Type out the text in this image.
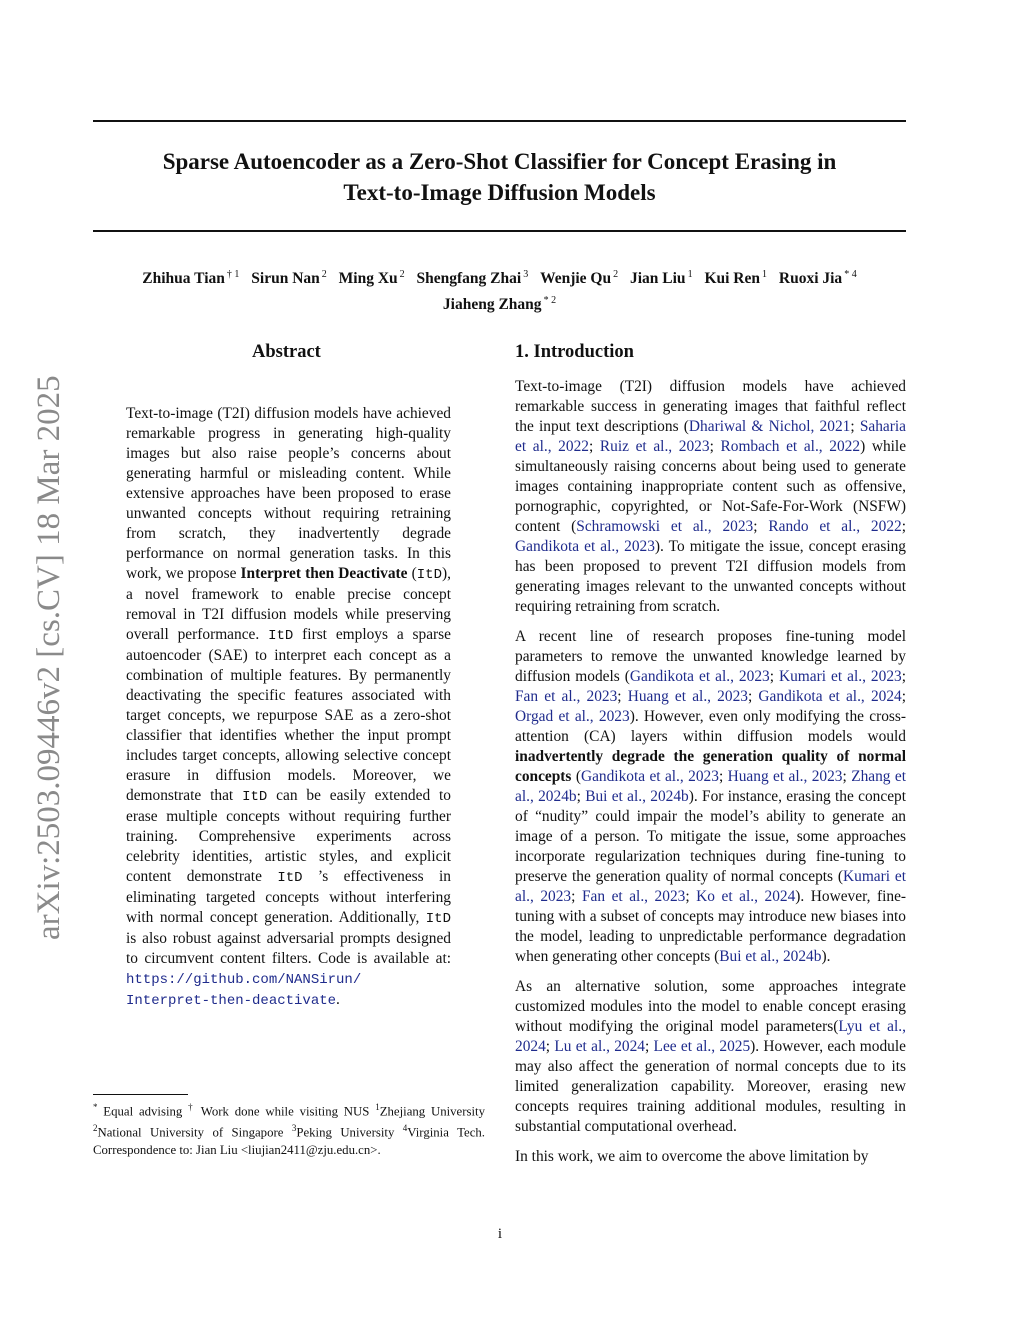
Sparse Autoencoder as a Zero-Shot Classifier for Concept Erasing in
Text-to-Image Diffusion Models
Zhihua Tian $^{\dagger 1}$ Sirun Nan $^2$ Ming Xu $^2$ Shengfang Zhai $^3$ Wenjie Qu $^2$ Jian Liu $^1$ Kui Ren $^1$ Ruoxi Jia $^{* 4}$
Jiaheng Zhang $^{* 2}$
arXiv:2503.09446v2 [cs.CV] 18 Mar 2025
Abstract
Text-to-image (T2I) diffusion models have achieved remarkable progress in generating high-quality images but also raise people’s concerns about generating harmful or misleading content. While extensive approaches have been proposed to erase unwanted concepts without requiring retraining from scratch, they inadvertently degrade performance on normal generation tasks. In this work, we propose Interpret then Deactivate (ItD), a novel framework to enable precise concept removal in T2I diffusion models while preserving overall performance. ItD first employs a sparse autoencoder (SAE) to interpret each concept as a combination of multiple features. By permanently deactivating the specific features associated with target concepts, we repurpose SAE as a zero-shot classifier that identifies whether the input prompt includes target concepts, allowing selective concept erasure in diffusion models. Moreover, we demonstrate that ItD can be easily extended to erase multiple concepts without requiring further training. Comprehensive experiments across celebrity identities, artistic styles, and explicit content demonstrate ItD ’s effectiveness in eliminating targeted concepts without interfering with normal concept generation. Additionally, ItD is also robust against adversarial prompts designed to circumvent content filters. Code is available at: https://github.com/NANSirun/
Interpret-then-deactivate.
* Equal advising † Work done while visiting NUS $^1$Zhejiang University $^2$National University of Singapore $^3$Peking University $^4$Virginia Tech. Correspondence to: Jian Liu <liujian2411@zju.edu.cn>.
1. Introduction

Text-to-image (T2I) diffusion models have achieved remarkable success in generating images that faithful reflect the input text descriptions (Dhariwal & Nichol, 2021; Saharia et al., 2022; Ruiz et al., 2023; Rombach et al., 2022) while simultaneously raising concerns about being used to generate images containing inappropriate content such as offensive, pornographic, copyrighted, or Not-Safe-For-Work (NSFW) content (Schramowski et al., 2023; Rando et al., 2022; Gandikota et al., 2023). To mitigate the issue, concept erasing has been proposed to prevent T2I diffusion models from generating images relevant to the unwanted concepts without requiring retraining from scratch.

A recent line of research proposes fine-tuning model parameters to remove the unwanted knowledge learned by diffusion models (Gandikota et al., 2023; Kumari et al., 2023; Fan et al., 2023; Huang et al., 2023; Gandikota et al., 2024; Orgad et al., 2023). However, even only modifying the cross-attention (CA) layers within diffusion models would inadvertently degrade the generation quality of normal concepts (Gandikota et al., 2023; Huang et al., 2023; Zhang et al., 2024b; Bui et al., 2024b). For instance, erasing the concept of “nudity” could impair the model’s ability to generate an image of a person. To mitigate the issue, some approaches incorporate regularization techniques during fine-tuning to preserve the generation quality of normal concepts (Kumari et al., 2023; Fan et al., 2023; Ko et al., 2024). However, fine-tuning with a subset of concepts may introduce new biases into the model, leading to unpredictable performance degradation when generating other concepts (Bui et al., 2024b).

As an alternative solution, some approaches integrate customized modules into the model to enable concept erasing without modifying the original model parameters(Lyu et al., 2024; Lu et al., 2024; Lee et al., 2025). However, each module may also affect the generation of normal concepts due to its limited generalization capability. Moreover, erasing new concepts requires training additional modules, resulting in substantial computational overhead.

In this work, we aim to overcome the above limitation by

i
